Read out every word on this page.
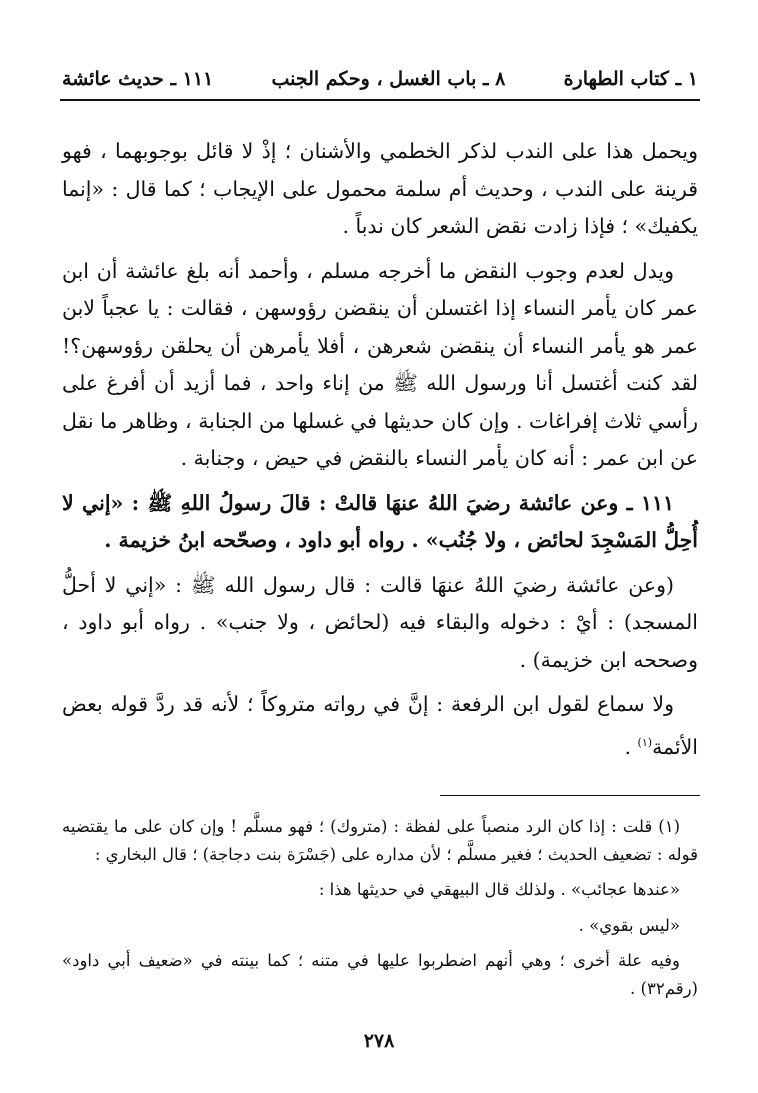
١ ـ كتاب الطهارة
٨ ـ باب الغسل ، وحكم الجنب
١١١ ـ حديث عائشة

ويحمل هذا على الندب لذكر الخطمي والأشنان ؛ إذْ لا قائل بوجوبهما ، فهو قرينة على الندب ، وحديث أم سلمة محمول على الإيجاب ؛ كما قال : «إنما يكفيك» ؛ فإذا زادت نقض الشعر كان ندباً .

ويدل لعدم وجوب النقض ما أخرجه مسلم ، وأحمد أنه بلغ عائشة أن ابن عمر كان يأمر النساء إذا اغتسلن أن ينقضن رؤوسهن ، فقالت : يا عجباً لابن عمر هو يأمر النساء أن ينقضن شعرهن ، أفلا يأمرهن أن يحلقن رؤوسهن؟! لقد كنت أغتسل أنا ورسول الله ﷺ من إناء واحد ، فما أزيد أن أفرغ على رأسي ثلاث إفراغات . وإن كان حديثها في غسلها من الجنابة ، وظاهر ما نقل عن ابن عمر : أنه كان يأمر النساء بالنقض في حيض ، وجنابة .

١١١ ـ وعن عائشة رضيَ اللهُ عنهَا قالتْ : قالَ رسولُ اللهِ ﷺ : «إني لا أُحِلُّ المَسْجِدَ لحائض ، ولا جُنُب» . رواه أبو داود ، وصحّحه ابنُ خزيمة .

(وعن عائشة رضيَ اللهُ عنهَا قالت : قال رسول الله ﷺ : «إني لا أحلُّ المسجد) : أيْ : دخوله والبقاء فيه (لحائض ، ولا جنب» . رواه أبو داود ، وصححه ابن خزيمة) .

ولا سماع لقول ابن الرفعة : إنَّ في رواته متروكاً ؛ لأنه قد ردَّ قوله بعض الأئمة$^{(١)}$ .

(١) قلت : إذا كان الرد منصباً على لفظة : (متروك) ؛ فهو مسلَّم ! وإن كان على ما يقتضيه قوله : تضعيف الحديث ؛ فغير مسلَّم ؛ لأن مداره على (جَسْرَة بنت دجاجة) ؛ قال البخاري :

«عندها عجائب» . ولذلك قال البيهقي في حديثها هذا :

«ليس بقوي» .

وفيه علة أخرى ؛ وهي أنهم اضطربوا عليها في متنه ؛ كما بينته في «ضعيف أبي داود» (رقم٣٢) .

٢٧٨
